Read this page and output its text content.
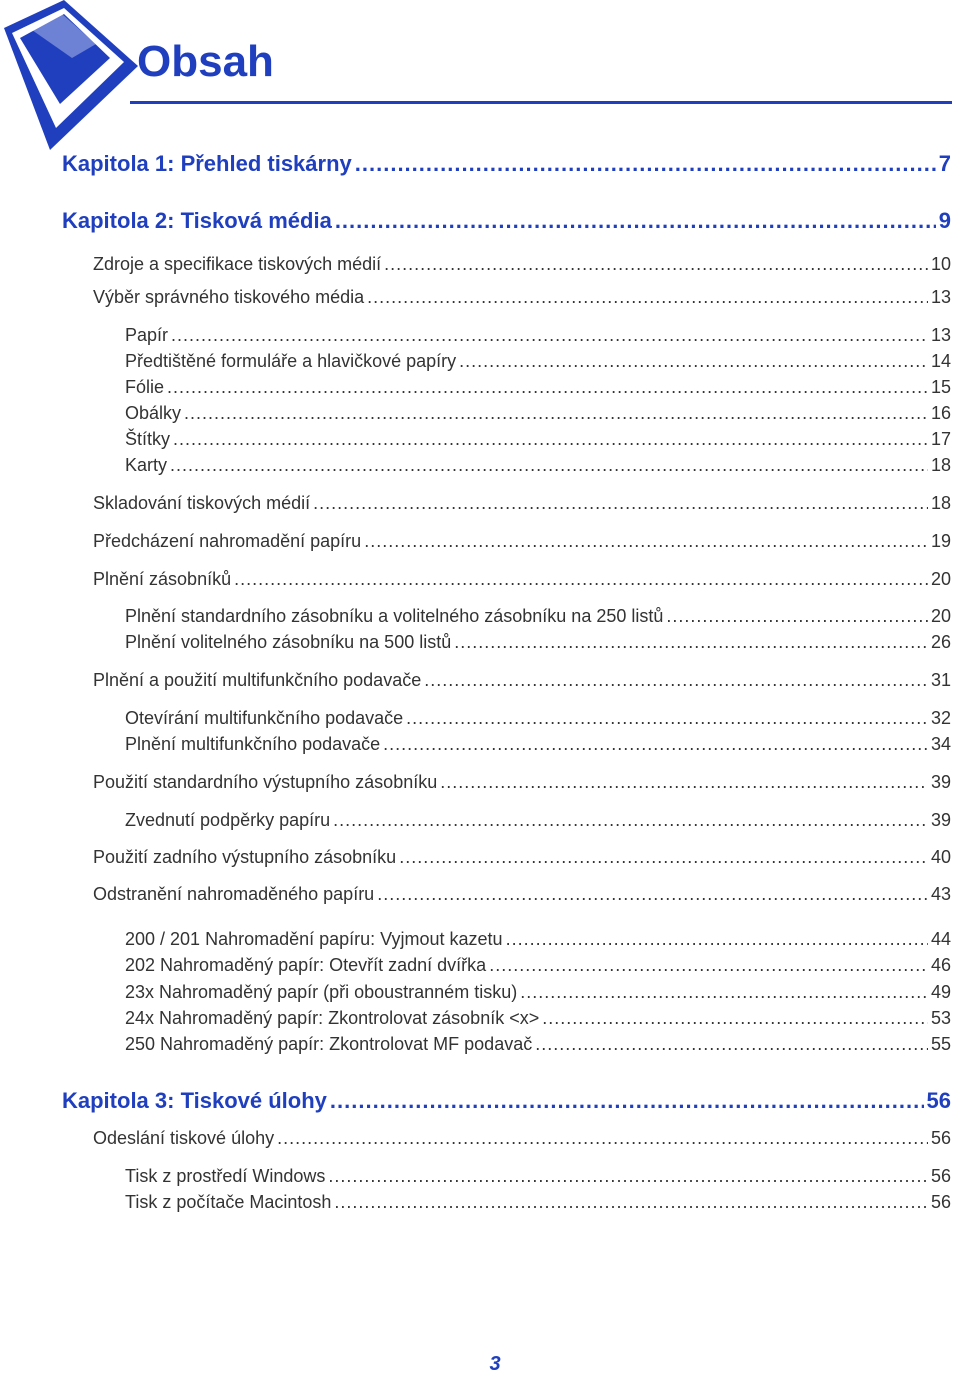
Obsah
Kapitola 1: Přehled tiskárny .....	7
Kapitola 2: Tisková média .....	9
Zdroje a specifikace tiskových médií .....	10
Výběr správného tiskového média .....	13
Papír .....	13
Předtištěné formuláře a hlavičkové papíry .....	14
Fólie .....	15
Obálky .....	16
Štítky .....	17
Karty .....	18
Skladování tiskových médií .....	18
Předcházení nahromadění papíru .....	19
Plnění zásobníků .....	20
Plnění standardního zásobníku a volitelného zásobníku na 250 listů .....	20
Plnění volitelného zásobníku na 500 listů .....	26
Plnění a použití multifunkčního podavače .....	31
Otevírání multifunkčního podavače .....	32
Plnění multifunkčního podavače .....	34
Použití standardního výstupního zásobníku .....	39
Zvednutí podpěrky papíru .....	39
Použití zadního výstupního zásobníku .....	40
Odstranění nahromaděného papíru .....	43
200 / 201 Nahromadění papíru: Vyjmout kazetu .....	44
202 Nahromaděný papír: Otevřít zadní dvířka .....	46
23x Nahromaděný papír (při oboustranném tisku) .....	49
24x Nahromaděný papír: Zkontrolovat zásobník <x> .....	53
250 Nahromaděný papír: Zkontrolovat MF podavač .....	55
Kapitola 3: Tiskové úlohy .....	56
Odeslání tiskové úlohy .....	56
Tisk z prostředí Windows .....	56
Tisk z počítače Macintosh .....	56
3
